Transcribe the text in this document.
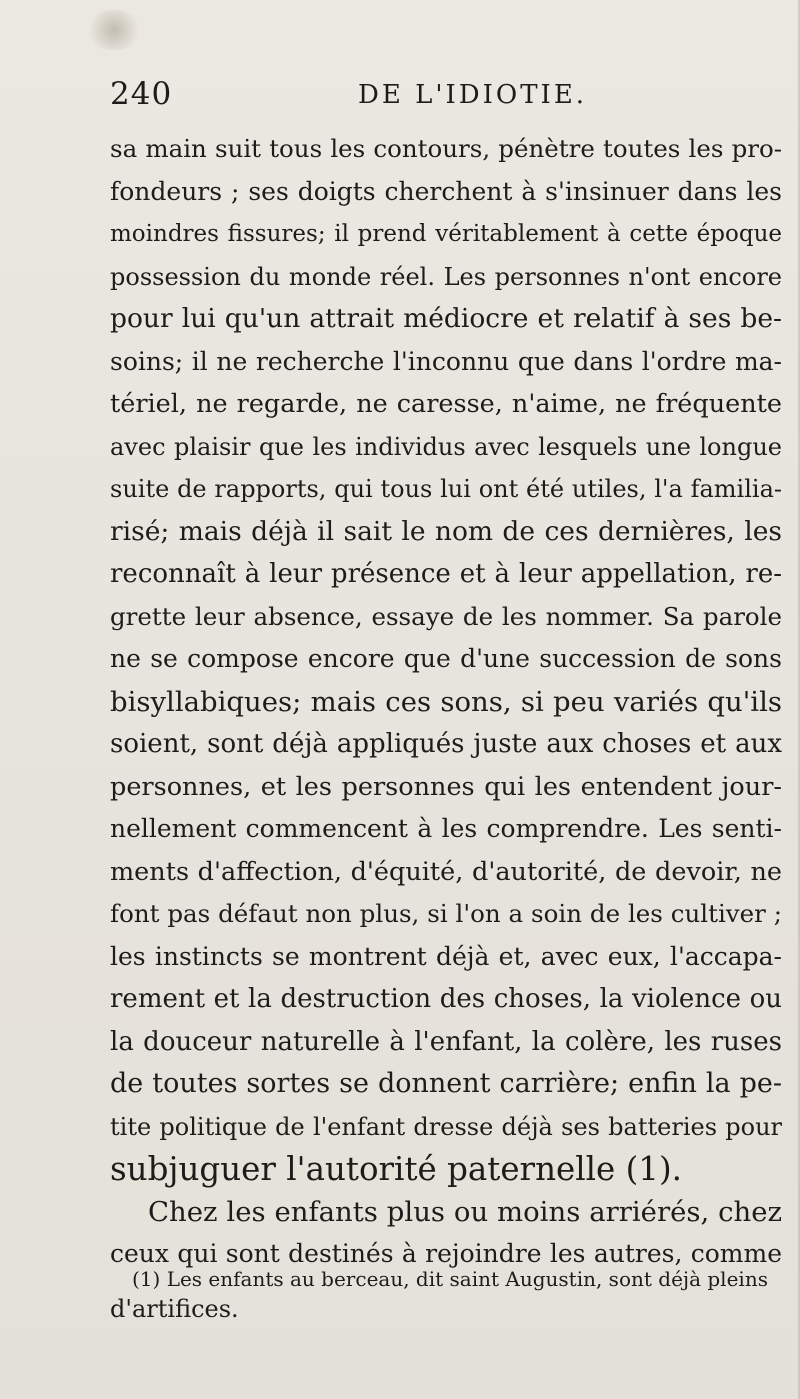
240	DE L'IDIOTIE.
sa main suit tous les contours, pénètre toutes les pro-
fondeurs ; ses doigts cherchent à s'insinuer dans les
moindres fissures; il prend véritablement à cette époque
possession du monde réel. Les personnes n'ont encore
pour lui qu'un attrait médiocre et relatif à ses be-
soins; il ne recherche l'inconnu que dans l'ordre ma-
tériel, ne regarde, ne caresse, n'aime, ne fréquente
avec plaisir que les individus avec lesquels une longue
suite de rapports, qui tous lui ont été utiles, l'a familia-
risé; mais déjà il sait le nom de ces dernières, les
reconnaît à leur présence et à leur appellation, re-
grette leur absence, essaye de les nommer. Sa parole
ne se compose encore que d'une succession de sons
bisyllabiques; mais ces sons, si peu variés qu'ils
soient, sont déjà appliqués juste aux choses et aux
personnes, et les personnes qui les entendent jour-
nellement commencent à les comprendre. Les senti-
ments d'affection, d'équité, d'autorité, de devoir, ne
font pas défaut non plus, si l'on a soin de les cultiver ;
les instincts se montrent déjà et, avec eux, l'accapa-
rement et la destruction des choses, la violence ou
la douceur naturelle à l'enfant, la colère, les ruses
de toutes sortes se donnent carrière; enfin la pe-
tite politique de l'enfant dresse déjà ses batteries pour
subjuguer l'autorité paternelle (1).
Chez les enfants plus ou moins arriérés, chez
ceux qui sont destinés à rejoindre les autres, comme
(1) Les enfants au berceau, dit saint Augustin, sont déjà pleins
d'artifices.
